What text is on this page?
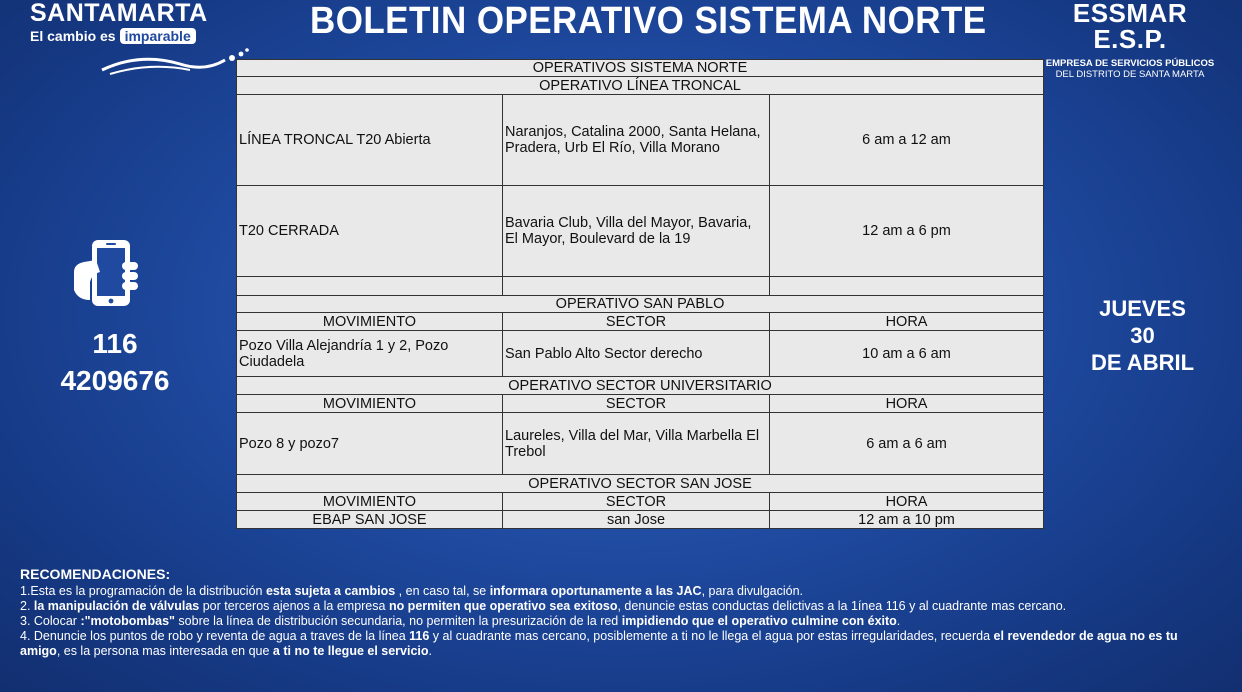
SANTAMARTA
El cambio es imparable	BOLETIN OPERATIVO SISTEMA NORTE	ESSMAR E.S.P.
EMPRESA DE SERVICIOS PÚBLICOS
DEL DISTRITO DE SANTA MARTA
116
4209676
JUEVES
30
DE ABRIL
OPERATIVOS SISTEMA NORTE		
OPERATIVO LÍNEA TRONCAL		
LÍNEA TRONCAL T20 Abierta	Naranjos, Catalina 2000, Santa Helana, Pradera, Urb El Río, Villa Morano	6 am a 12 am
T20 CERRADA	Bavaria Club, Villa del Mayor, Bavaria, El Mayor, Boulevard de la 19	12 am a 6 pm

OPERATIVO SAN PABLO		
MOVIMIENTO	SECTOR	HORA
Pozo Villa Alejandría 1 y 2, Pozo Ciudadela	San Pablo Alto Sector derecho	10 am a 6 am
OPERATIVO SECTOR UNIVERSITARIO		
MOVIMIENTO	SECTOR	HORA
Pozo 8 y pozo7	Laureles, Villa del Mar, Villa Marbella El Trebol	6 am a 6 am
OPERATIVO SECTOR SAN JOSE		
MOVIMIENTO	SECTOR	HORA
EBAP SAN JOSE	san Jose	12 am a 10 pm
RECOMENDACIONES:
1.Esta es la programación de la distribución esta sujeta a cambios , en caso tal, se informara oportunamente a las JAC, para divulgación.
2. la manipulación de válvulas por terceros ajenos a la empresa no permiten que operativo sea exitoso, denuncie estas conductas delictivas a la 1ínea 116 y al cuadrante mas cercano.
3. Colocar :"motobombas" sobre la línea de distribución secundaria, no permiten la presurización de la red impidiendo que el operativo culmine con éxito.
4. Denuncie los puntos de robo y reventa de agua a traves de la línea 116 y al cuadrante mas cercano, posiblemente a ti no le llega el agua por estas irregularidades, recuerda el revendedor de agua no es tu amigo, es la persona mas interesada en que a ti no te llegue el servicio.
